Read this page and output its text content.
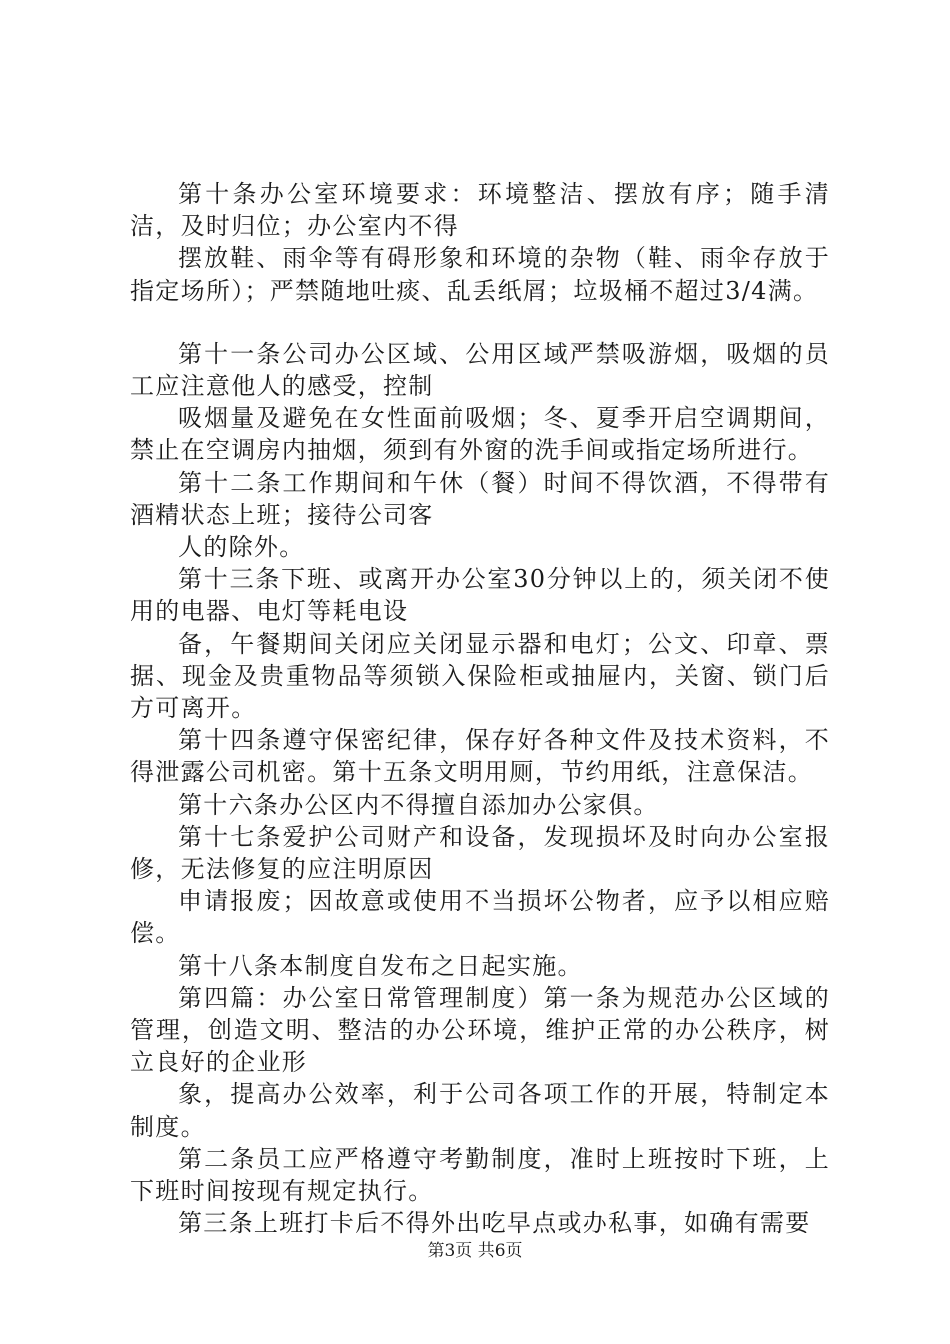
第十条办公室环境要求：环境整洁、摆放有序；随手清洁，及时归位；办公室内不得

摆放鞋、雨伞等有碍形象和环境的杂物（鞋、雨伞存放于指定场所）；严禁随地吐痰、乱丢纸屑；垃圾桶不超过3/4满。

第十一条公司办公区域、公用区域严禁吸游烟，吸烟的员工应注意他人的感受，控制

吸烟量及避免在女性面前吸烟；冬、夏季开启空调期间，禁止在空调房内抽烟，须到有外窗的洗手间或指定场所进行。

第十二条工作期间和午休（餐）时间不得饮酒，不得带有酒精状态上班；接待公司客

人的除外。

第十三条下班、或离开办公室30分钟以上的，须关闭不使用的电器、电灯等耗电设

备，午餐期间关闭应关闭显示器和电灯；公文、印章、票据、现金及贵重物品等须锁入保险柜或抽屉内，关窗、锁门后方可离开。

第十四条遵守保密纪律，保存好各种文件及技术资料，不得泄露公司机密。第十五条文明用厕，节约用纸，注意保洁。

第十六条办公区内不得擅自添加办公家俱。

第十七条爱护公司财产和设备，发现损坏及时向办公室报修，无法修复的应注明原因

申请报废；因故意或使用不当损坏公物者，应予以相应赔偿。

第十八条本制度自发布之日起实施。

第四篇：办公室日常管理制度）第一条为规范办公区域的管理，创造文明、整洁的办公环境，维护正常的办公秩序，树立良好的企业形

象，提高办公效率，利于公司各项工作的开展，特制定本制度。

第二条员工应严格遵守考勤制度，准时上班按时下班，上下班时间按现有规定执行。

第三条上班打卡后不得外出吃早点或办私事，如确有需要

第3页 共6页
